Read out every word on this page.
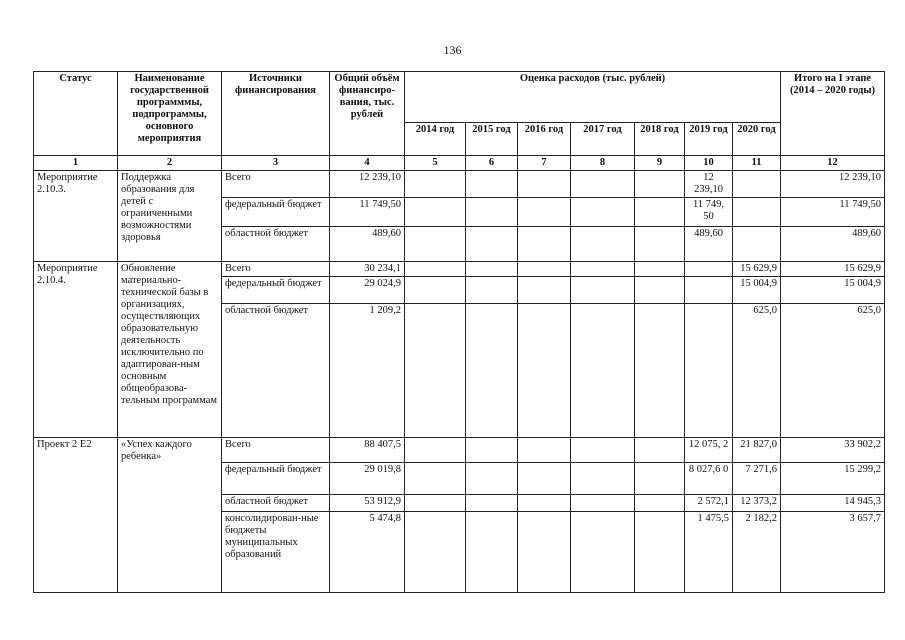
136
Статус	Наименование государственной программмы, подпрограммы, основного мероприятия	Источники финансирования	Общий объём финансиро-вания, тыс. рублей	Оценка расходов (тыс. рублей)							Итого на I этапе (2014 – 2020 годы)
				2014 год	2015 год	2016 год	2017 год	2018 год	2019 год	2020 год	
1	2	3	4	5	6	7	8	9	10	11	12
Мероприятие 2.10.3.	Поддержка образования для детей с ограниченными возможностями здоровья	Всего	12 239,10						12 239,10		12 239,10
		федеральный бюджет	11 749,50						11 749, 50		11 749,50
		областной бюджет	489,60						489,60		489,60
Мероприятие 2.10.4.	Обновление материально-технической базы в организациях, осуществляющих образовательную деятельность исключительно по адаптирован-ным основным общеобразова-тельным программам	Всего	30 234,1							15 629,9	15 629,9
		федеральный бюджет	29 024,9							15 004,9	15 004,9
		областной бюджет	1 209,2							625,0	625,0
Проект 2 Е2	«Успех каждого ребенка»	Всего	88 407,5						12 075, 2	21 827,0	33 902,2
		федеральный бюджет	29 019,8						8 027,6 0	7 271,6	15 299,2
		областной бюджет	53 912,9						2 572,1	12 373,2	14 945,3
		консолидирован-ные бюджеты муниципальных образований	5 474,8						1 475,5	2 182,2	3 657,7
